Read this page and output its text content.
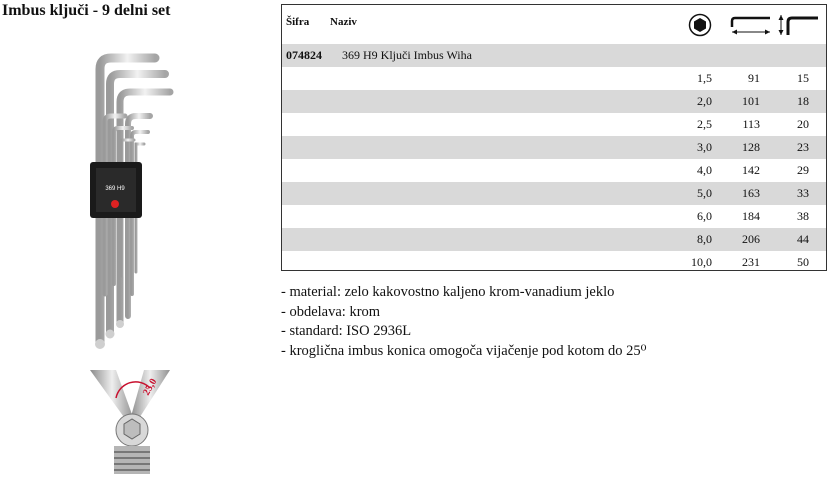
Imbus ključi - 9 delni set
369 H9
25,0
Šifra Naziv
074824 369 H9 Ključi Imbus Wiha
1,5	91	15
2,0	101	18
2,5	113	20
3,0	128	23
4,0	142	29
5,0	163	33
6,0	184	38
8,0	206	44
10,0	231	50
- material: zelo kakovostno kaljeno krom-vanadium jeklo
- obdelava: krom
- standard: ISO 2936L
- kroglična imbus konica omogoča vijačenje pod kotom do 25⁰
